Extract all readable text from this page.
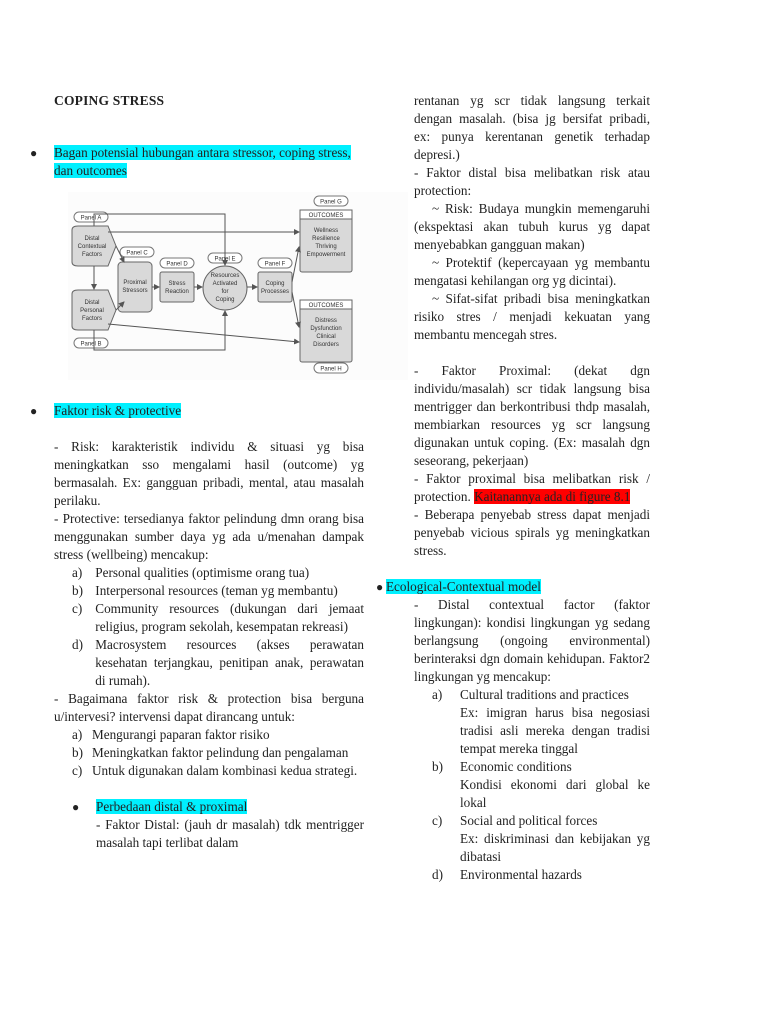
COPING STRESS
● Bagan potensial hubungan antara stressor, coping stress, dan outcomes
Panel A
Panel B
Panel C
Panel D
Panel E
Panel F
Panel G
Panel H
Distal
Contextual
Factors
Distal
Personal
Factors
Proximal
Stressors
Stress
Reaction
Resources
Activated
for
Coping
Coping
Processes
OUTCOMES
Wellness
Resilience
Thriving
Empowerment
OUTCOMES
Distress
Dysfunction
Clinical
Disorders
● Faktor risk & protective
- Risk: karakteristik individu & situasi yg bisa meningkatkan sso mengalami hasil (outcome) yg bermasalah. Ex: gangguan pribadi, mental, atau masalah perilaku.
- Protective: tersedianya faktor pelindung dmn orang bisa menggunakan sumber daya yg ada u/menahan dampak stress (wellbeing) mencakup:
a)
Personal qualities (optimisme orang tua)
b)
Interpersonal resources (teman yg membantu)
c)
Community resources (dukungan dari jemaat religius, program sekolah, kesempatan rekreasi)
d)
Macrosystem resources (akses perawatan kesehatan terjangkau, penitipan anak, perawatan di rumah).
- Bagaimana faktor risk & protection bisa berguna u/intervesi? intervensi dapat dirancang untuk:
a) Mengurangi paparan faktor risiko
b) Meningkatkan faktor pelindung dan pengalaman
c) Untuk digunakan dalam kombinasi kedua strategi.
● Perbedaan distal & proximal
- Faktor Distal: (jauh dr masalah) tdk mentrigger masalah tapi terlibat dalam
rentanan yg scr tidak langsung terkait dengan masalah. (bisa jg bersifat pribadi, ex: punya kerentanan genetik terhadap depresi.)
- Faktor distal bisa melibatkan risk atau protection:
~ Risk: Budaya mungkin memengaruhi (ekspektasi akan tubuh kurus yg dapat menyebabkan gangguan makan)
~ Protektif (kepercayaan yg membantu mengatasi kehilangan org yg dicintai).
~ Sifat-sifat pribadi bisa meningkatkan risiko stres / menjadi kekuatan yang membantu mencegah stres.
- Faktor Proximal: (dekat dgn individu/masalah) scr tidak langsung bisa mentrigger dan berkontribusi thdp masalah, membiarkan resources yg scr langsung digunakan untuk coping. (Ex: masalah dgn seseorang, pekerjaan)
- Faktor proximal bisa melibatkan risk / protection. Kaitanannya ada di figure 8.1
- Beberapa penyebab stress dapat menjadi penyebab vicious spirals yg meningkatkan stress.
● Ecological-Contextual model
- Distal contextual factor (faktor lingkungan): kondisi lingkungan yg sedang berlangsung (ongoing environmental) berinteraksi dgn domain kehidupan. Faktor2 lingkungan yg mencakup:
a)	Cultural traditions and practices
Ex: imigran harus bisa negosiasi tradisi asli mereka dengan tradisi tempat mereka tinggal
b)	Economic conditions
Kondisi ekonomi dari global ke lokal
c)	Social and political forces
Ex: diskriminasi dan kebijakan yg dibatasi
d)	Environmental hazards
